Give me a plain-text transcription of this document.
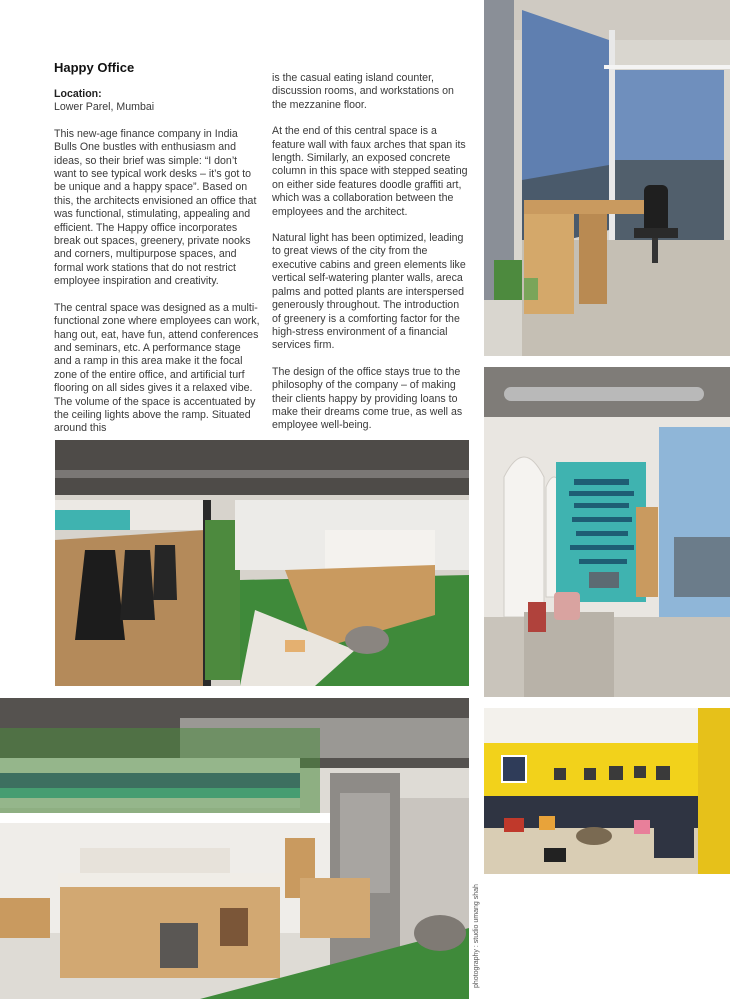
Happy Office
Location:
Lower Parel, Mumbai

This new-age finance company in India Bulls One bustles with enthusiasm and ideas, so their brief was simple: “I don’t want to see typical work desks – it’s got to be unique and a happy space”. Based on this, the architects envisioned an office that was functional, stimulating, appealing and efficient. The Happy office incorporates break out spaces, greenery, private nooks and corners, multipurpose spaces, and formal work stations that do not restrict employee inspiration and creativity.

The central space was designed as a multi-functional zone where employees can work, hang out, eat, have fun, attend conferences and seminars, etc. A performance stage and a ramp in this area make it the focal zone of the entire office, and artificial turf flooring on all sides gives it a relaxed vibe. The volume of the space is accentuated by the ceiling lights above the ramp. Situated around this

is the casual eating island counter, discussion rooms, and workstations on the mezzanine floor.

At the end of this central space is a feature wall with faux arches that span its length. Similarly, an exposed concrete column in this space with stepped seating on either side features doodle graffiti art, which was a collaboration between the employees and the architect.

Natural light has been optimized, leading to great views of the city from the executive cabins and green elements like vertical self-watering planter walls, areca palms and potted plants are interspersed generously throughout. The introduction of greenery is a comforting factor for the high-stress environment of a financial services firm.

The design of the office stays true to the philosophy of the company – of making their clients happy by providing loans to make their dreams come true, as well as employee well-being.

photography : studio umang shah
